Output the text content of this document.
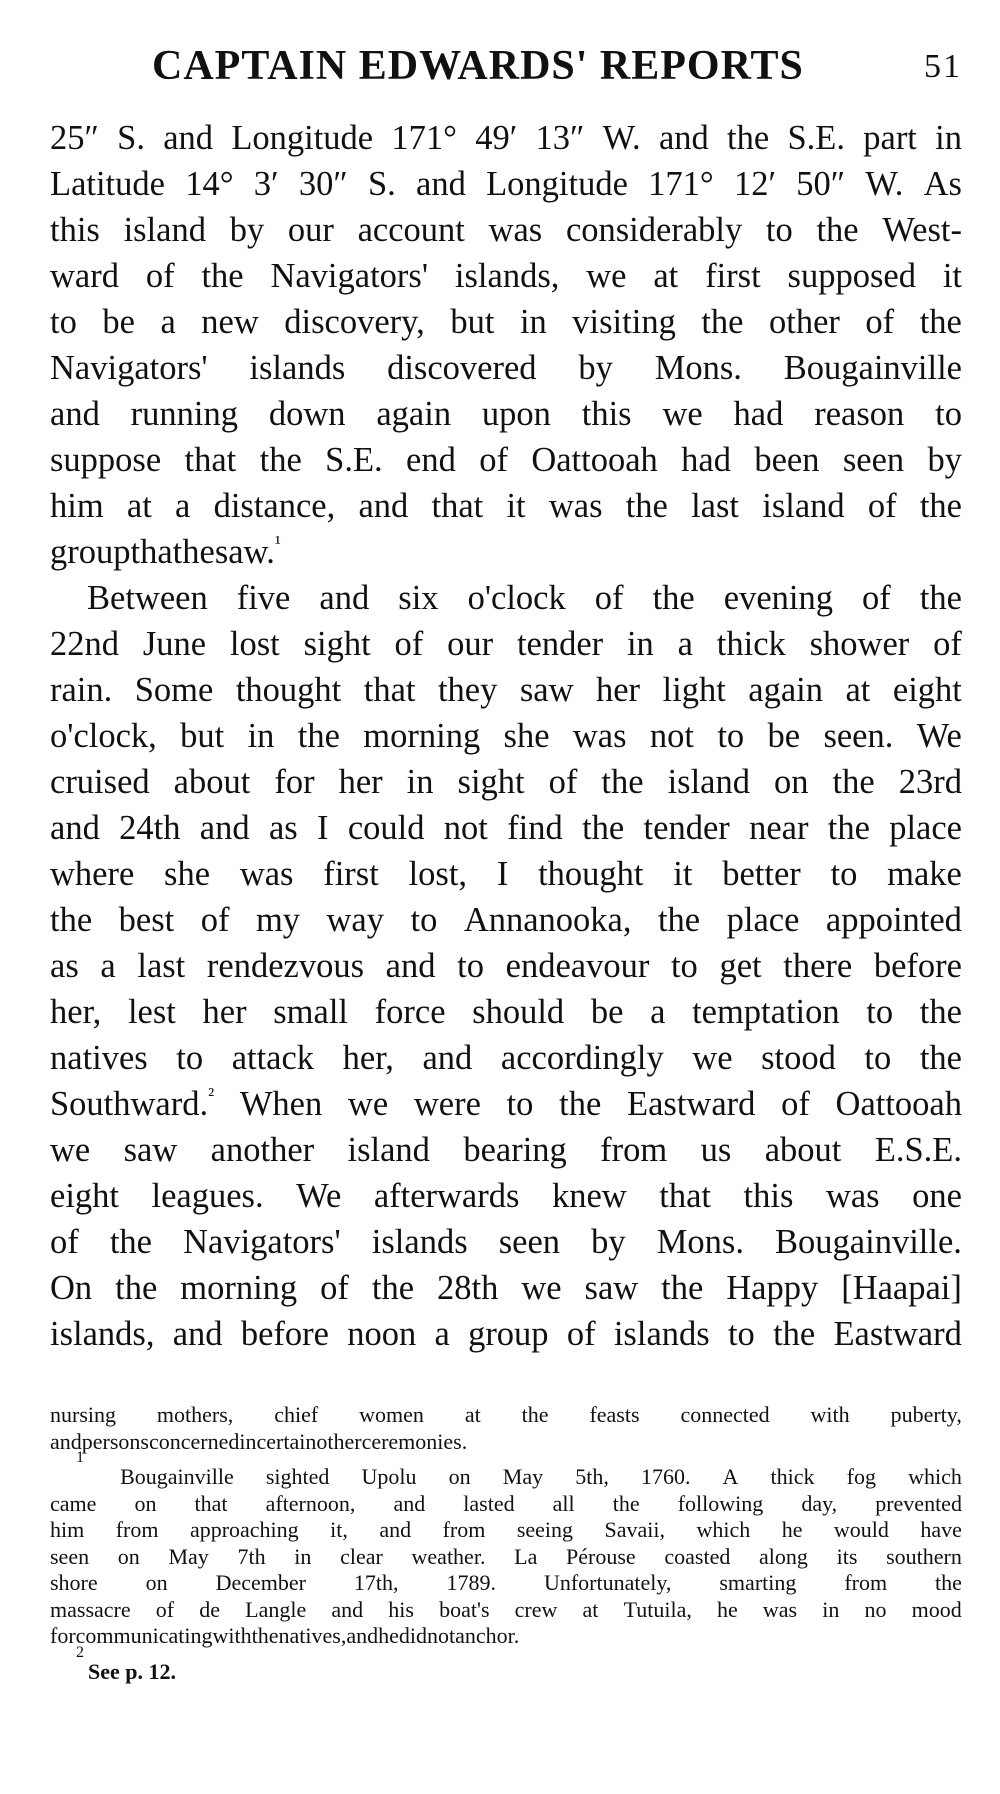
CAPTAIN EDWARDS' REPORTS	51
25″ S. and Longitude 171° 49′ 13″ W. and the S.E. part in
Latitude 14° 3′ 30″ S. and Longitude 171° 12′ 50″ W. As
this island by our account was considerably to the West-
ward of the Navigators' islands, we at first supposed it
to be a new discovery, but in visiting the other of the
Navigators' islands discovered by Mons. Bougainville
and running down again upon this we had reason to
suppose that the S.E. end of Oattooah had been seen by
him at a distance, and that it was the last island of the
group that he saw.$^{^1}$
Between five and six o'clock of the evening of the
22nd June lost sight of our tender in a thick shower of
rain. Some thought that they saw her light again at eight
o'clock, but in the morning she was not to be seen. We
cruised about for her in sight of the island on the 23rd
and 24th and as I could not find the tender near the place
where she was first lost, I thought it better to make
the best of my way to Annanooka, the place appointed
as a last rendezvous and to endeavour to get there before
her, lest her small force should be a temptation to the
natives to attack her, and accordingly we stood to the
Southward.$^{^2}$ When we were to the Eastward of Oattooah
we saw another island bearing from us about E.S.E.
eight leagues. We afterwards knew that this was one
of the Navigators' islands seen by Mons. Bougainville.
On the morning of the 28th we saw the Happy [Haapai]
islands, and before noon a group of islands to the Eastward
nursing mothers, chief women at the feasts connected with puberty,
and persons concerned in certain other ceremonies.
1
Bougainville sighted Upolu on May 5th, 1760. A thick fog which
came on that afternoon, and lasted all the following day, prevented
him from approaching it, and from seeing Savaii, which he would have
seen on May 7th in clear weather. La Pérouse coasted along its southern
shore on December 17th, 1789. Unfortunately, smarting from the
massacre of de Langle and his boat's crew at Tutuila, he was in no mood
for communicating with the natives, and he did not anchor.
2
See p. 12.
